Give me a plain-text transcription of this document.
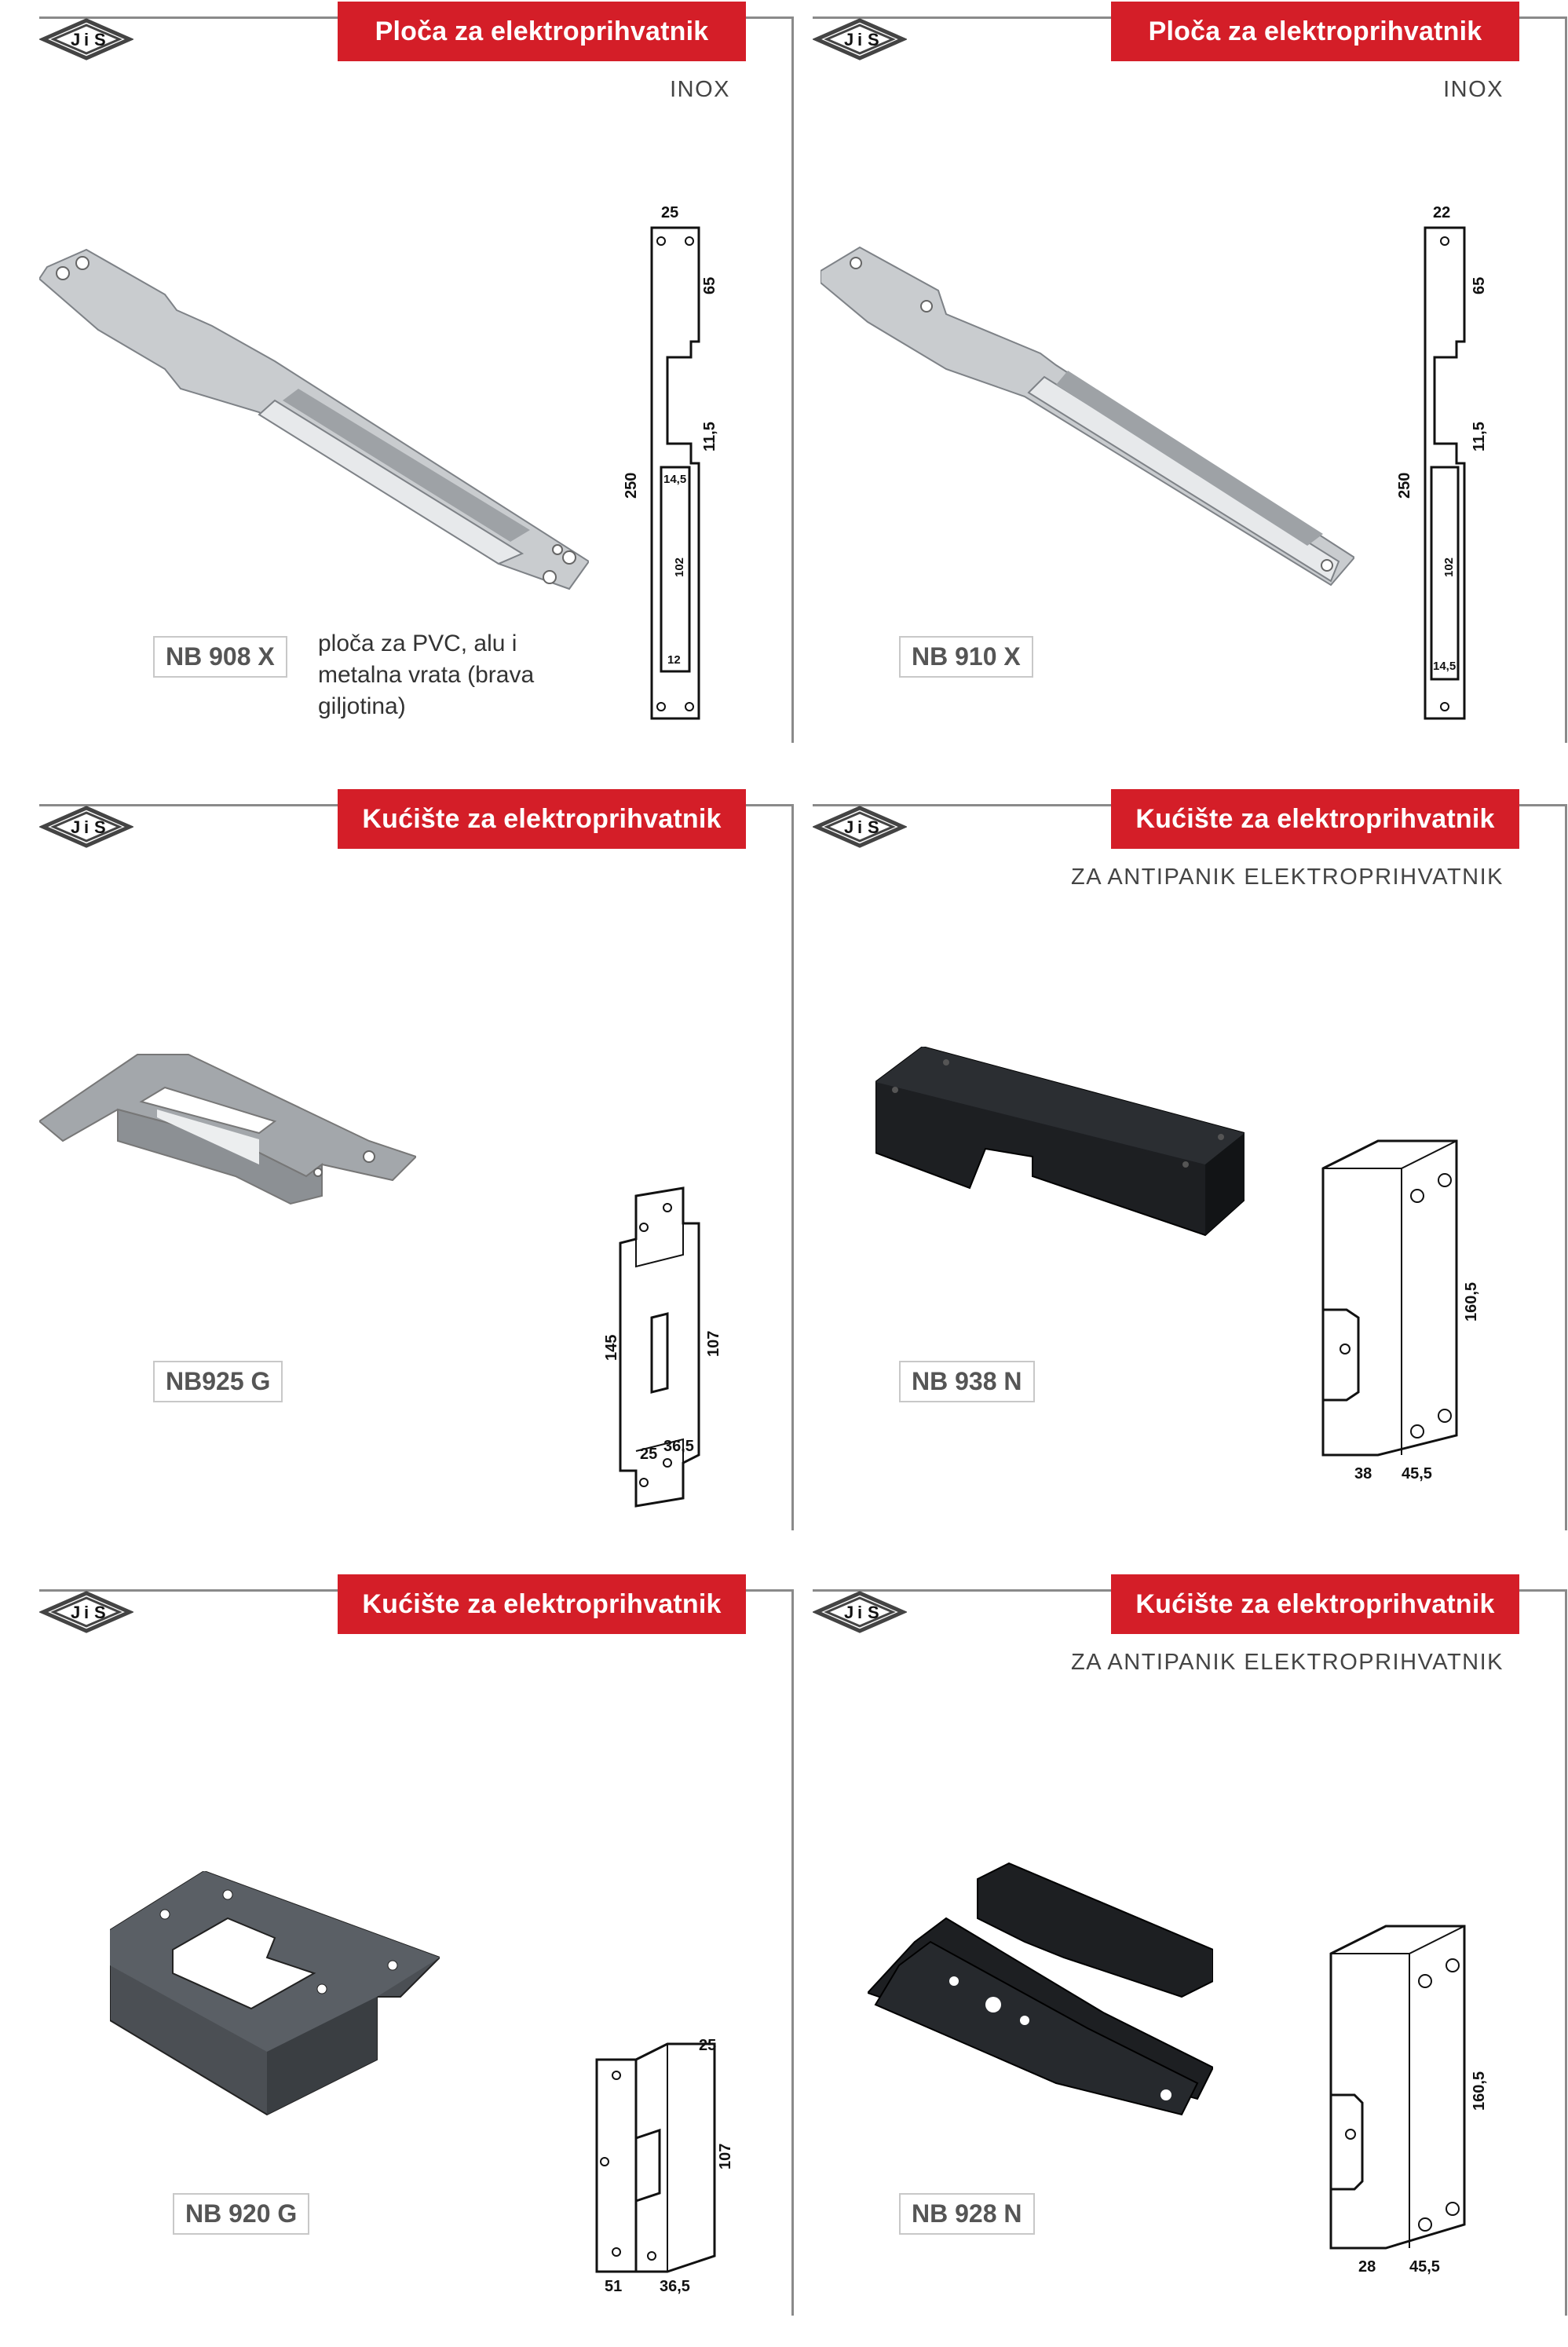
J i S	Ploča za elektroprihvatnik
INOX
NB 908 X	ploča za PVC, alu i metalna vrata (brava giljotina)
25
65
11,5
250 14,5
102
12
J i S	Ploča za elektroprihvatnik
INOX
NB 910 X
22
65
11,5
250
102
14,5
J i S	Kućište za elektroprihvatnik
NB925 G
145	107
25 36,5
J i S	Kućište za elektroprihvatnik
ZA ANTIPANIK ELEKTROPRIHVATNIK
NB 938 N
160,5
38 45,5
J i S	Kućište za elektroprihvatnik
NB 920 G
25
107
51 36,5
J i S	Kućište za elektroprihvatnik
ZA ANTIPANIK ELEKTROPRIHVATNIK
NB 928 N
160,5
28 45,5
